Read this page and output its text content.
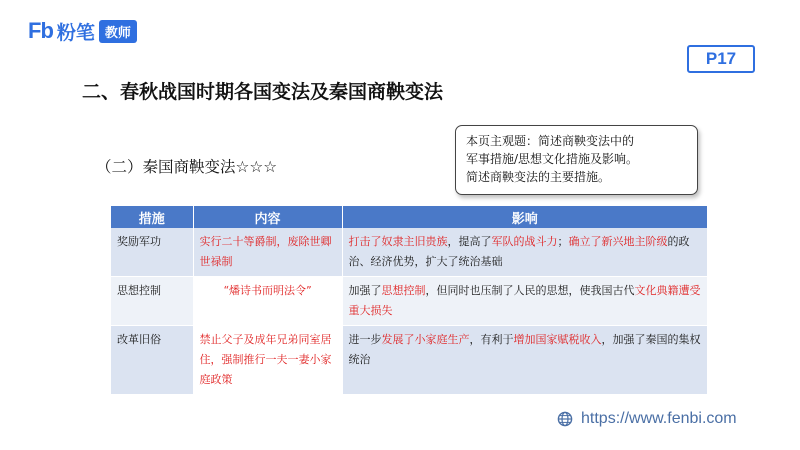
Fb 粉笔 教师
P17
二、春秋战国时期各国变法及秦国商鞅变法

本页主观题：简述商鞅变法中的

军事措施/思想文化措施及影响。

简述商鞅变法的主要措施。

（二）秦国商鞅变法☆☆☆
措施	内容	影响
奖励军功	实行二十等爵制，废除世卿世禄制	打击了奴隶主旧贵族，提高了军队的战斗力；确立了新兴地主阶级的政治、经济优势，扩大了统治基础
思想控制	“燔诗书而明法令”	加强了思想控制，但同时也压制了人民的思想，使我国古代文化典籍遭受重大损失
改革旧俗	禁止父子及成年兄弟同室居住，强制推行一夫一妻小家庭政策	进一步发展了小家庭生产，有利于增加国家赋税收入，加强了秦国的集权统治
https://www.fenbi.com
